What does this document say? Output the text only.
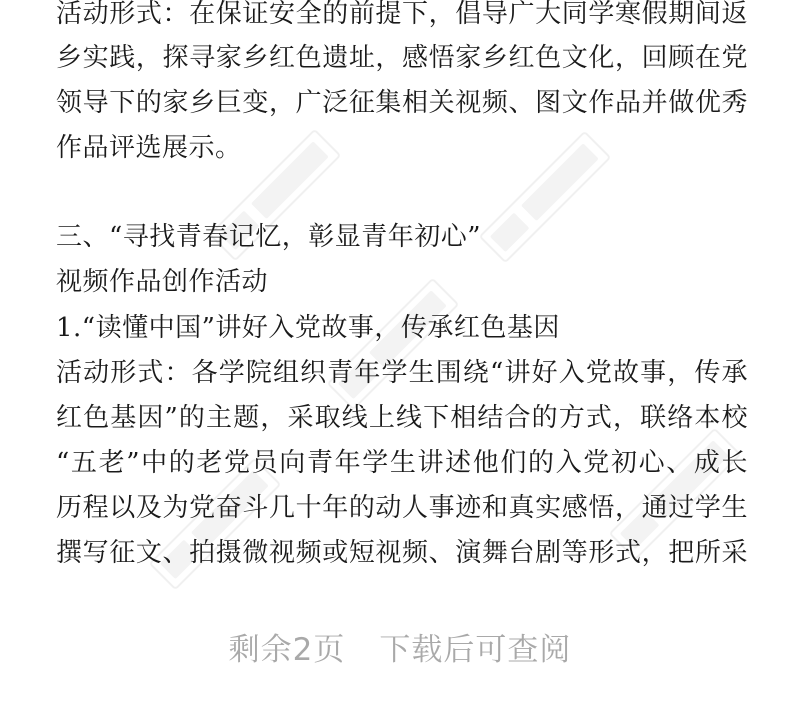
活动形式：在保证安全的前提下，倡导广大同学寒假期间返
乡实践，探寻家乡红色遗址，感悟家乡红色文化，回顾在党
领导下的家乡巨变，广泛征集相关视频、图文作品并做优秀
作品评选展示。
三、“寻找青春记忆，彰显青年初心”
视频作品创作活动
1.“读懂中国”讲好入党故事，传承红色基因
活动形式：各学院组织青年学生围绕“讲好入党故事，传承
红色基因”的主题，采取线上线下相结合的方式，联络本校
“五老”中的老党员向青年学生讲述他们的入党初心、成长
历程以及为党奋斗几十年的动人事迹和真实感悟，通过学生
撰写征文、拍摄微视频或短视频、演舞台剧等形式，把所采
剩余2页 下载后可查阅
